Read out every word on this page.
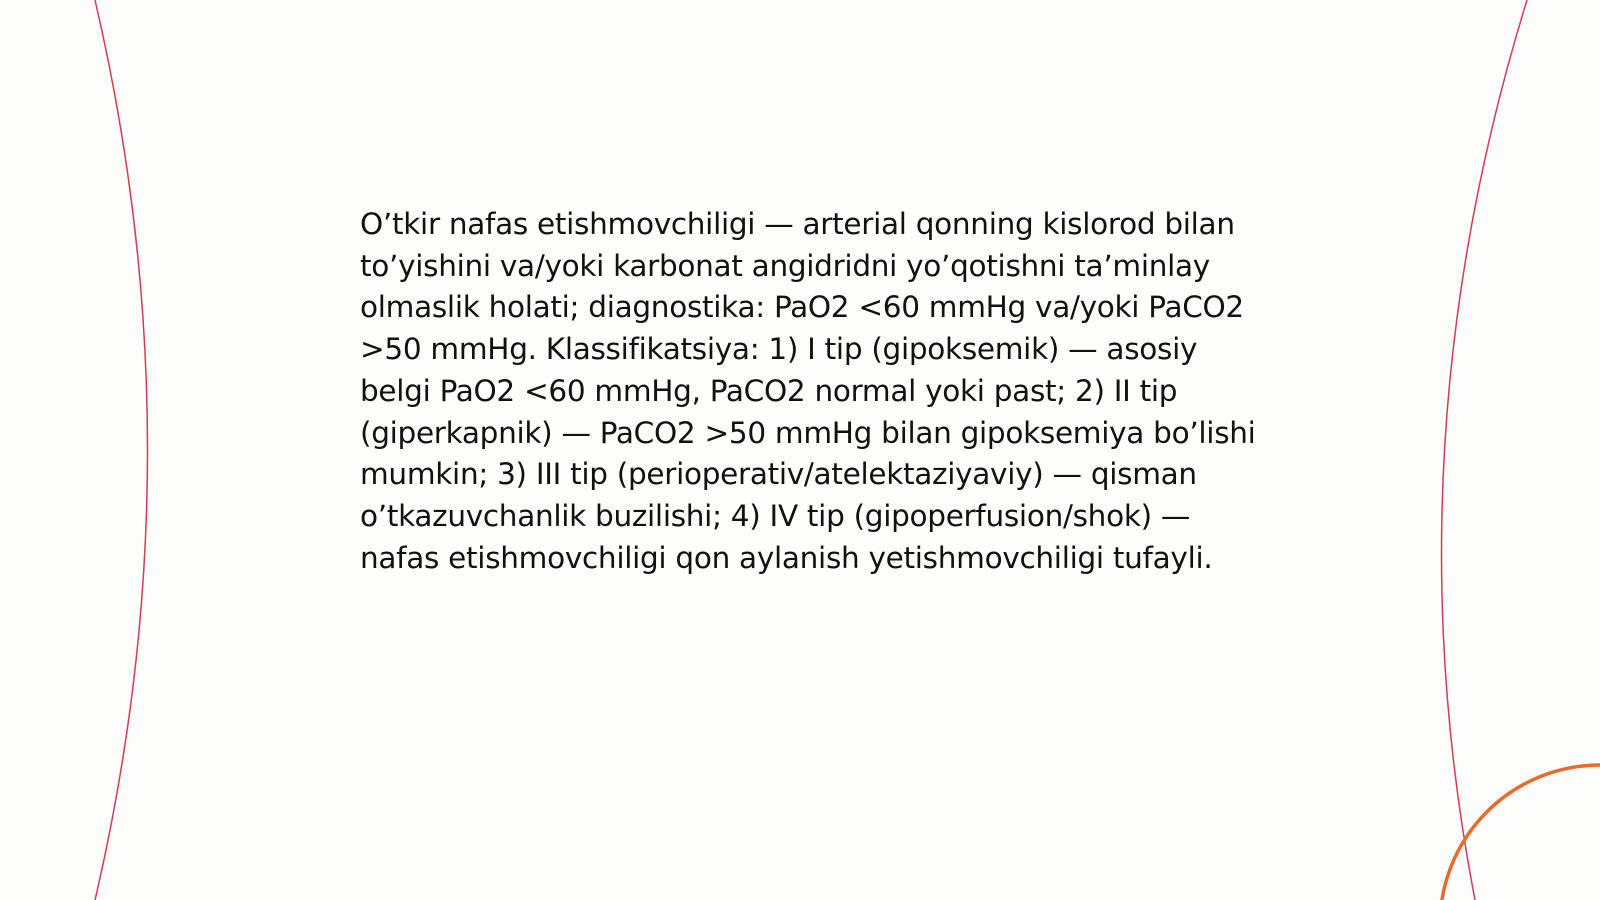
O’tkir nafas etishmovchiligi — arterial qonning kislorod bilan to’yishini va/yoki karbonat angidridni yo’qotishni ta’minlay olmaslik holati; diagnostika: PaO2 <60 mmHg va/yoki PaCO2 >50 mmHg. Klassifikatsiya: 1) I tip (gipoksemik) — asosiy belgi PaO2 <60 mmHg, PaCO2 normal yoki past; 2) II tip (giperkapnik) — PaCO2 >50 mmHg bilan gipoksemiya bo’lishi mumkin; 3) III tip (perioperativ/atelektaziyaviy) — qisman o’tkazuvchanlik buzilishi; 4) IV tip (gipoperfusion/shok) — nafas etishmovchiligi qon aylanish yetishmovchiligi tufayli.
